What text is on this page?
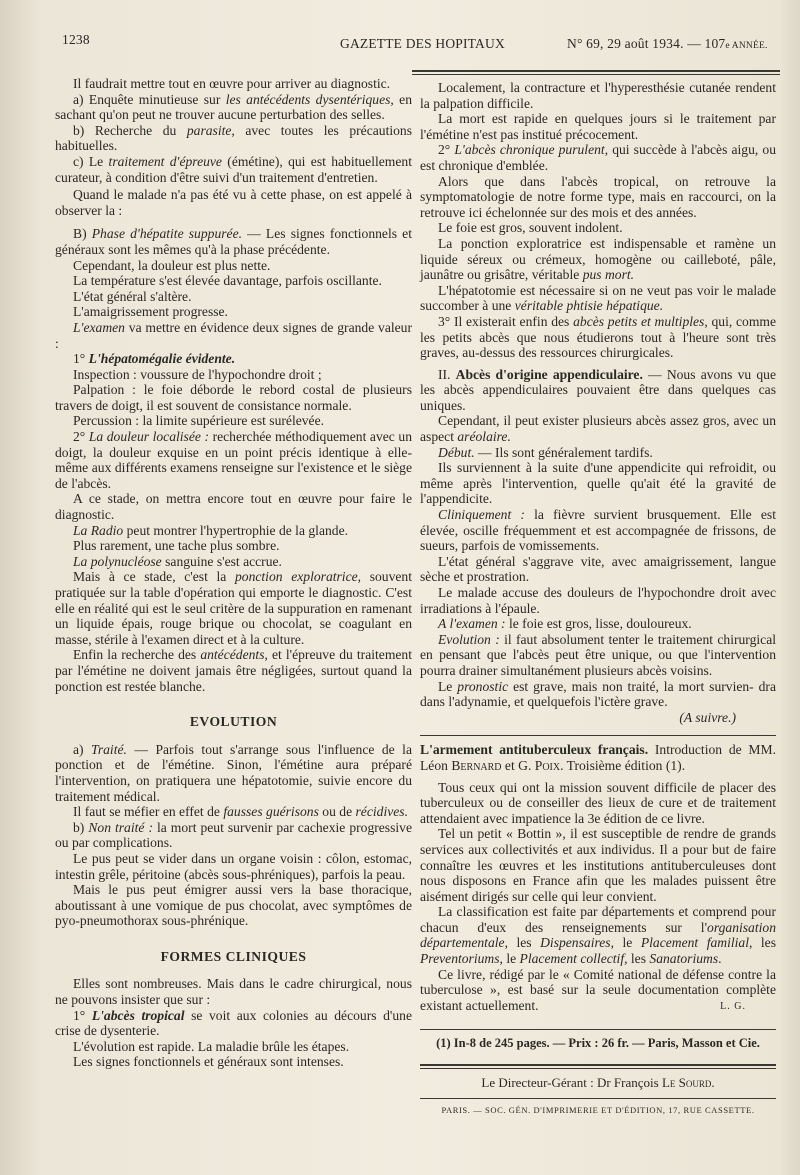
1238	GAZETTE DES HOPITAUX	N° 69, 29 août 1934. — 107e ANNÉE.

Il faudrait mettre tout en œuvre pour arriver au diagnostic.

a) Enquête minutieuse sur les antécédents dysentériques, en sachant qu'on peut ne trouver aucune perturbation des selles.

b) Recherche du parasite, avec toutes les précautions habituelles.

c) Le traitement d'épreuve (émétine), qui est habituellement curateur, à condition d'être suivi d'un traitement d'entretien.

Quand le malade n'a pas été vu à cette phase, on est appelé à observer la :

B) Phase d'hépatite suppurée. — Les signes fonctionnels et généraux sont les mêmes qu'à la phase précédente.

Cependant, la douleur est plus nette.

La température s'est élevée davantage, parfois oscillante.

L'état général s'altère.

L'amaigrissement progresse.

L'examen va mettre en évidence deux signes de grande valeur :

1° L'hépatomégalie évidente.

Inspection : voussure de l'hypochondre droit ;

Palpation : le foie déborde le rebord costal de plusieurs travers de doigt, il est souvent de consistance normale.

Percussion : la limite supérieure est surélevée.

2° La douleur localisée : recherchée méthodiquement avec un doigt, la douleur exquise en un point précis identique à elle-même aux différents examens renseigne sur l'existence et le siège de l'abcès.

A ce stade, on mettra encore tout en œuvre pour faire le diagnostic.

La Radio peut montrer l'hypertrophie de la glande.

Plus rarement, une tache plus sombre.

La polynucléose sanguine s'est accrue.

Mais à ce stade, c'est la ponction exploratrice, souvent pratiquée sur la table d'opération qui emporte le diagnostic. C'est elle en réalité qui est le seul critère de la suppuration en ramenant un liquide épais, rouge brique ou chocolat, se coagulant en masse, stérile à l'examen direct et à la culture.

Enfin la recherche des antécédents, et l'épreuve du traitement par l'émétine ne doivent jamais être négligées, surtout quand la ponction est restée blanche.

EVOLUTION

a) Traité. — Parfois tout s'arrange sous l'influence de la ponction et de l'émétine. Sinon, l'émétine aura préparé l'intervention, on pratiquera une hépatotomie, suivie encore du traitement médical.

Il faut se méfier en effet de fausses guérisons ou de récidives.

b) Non traité : la mort peut survenir par cachexie progressive ou par complications.

Le pus peut se vider dans un organe voisin : côlon, estomac, intestin grêle, péritoine (abcès sous-phréniques), parfois la peau.

Mais le pus peut émigrer aussi vers la base thoracique, aboutissant à une vomique de pus chocolat, avec symptômes de pyo-pneumothorax sous-phrénique.

FORMES CLINIQUES

Elles sont nombreuses. Mais dans le cadre chirurgical, nous ne pouvons insister que sur :

1° L'abcès tropical se voit aux colonies au décours d'une crise de dysenterie.

L'évolution est rapide. La maladie brûle les étapes.

Les signes fonctionnels et généraux sont intenses.

Localement, la contracture et l'hyperesthésie cutanée rendent la palpation difficile.

La mort est rapide en quelques jours si le traitement par l'émétine n'est pas institué précocement.

2° L'abcès chronique purulent, qui succède à l'abcès aigu, ou est chronique d'emblée.

Alors que dans l'abcès tropical, on retrouve la symptomatologie de notre forme type, mais en raccourci, on la retrouve ici échelonnée sur des mois et des années.

Le foie est gros, souvent indolent.

La ponction exploratrice est indispensable et ramène un liquide séreux ou crémeux, homogène ou cailleboté, pâle, jaunâtre ou grisâtre, véritable pus mort.

L'hépatotomie est nécessaire si on ne veut pas voir le malade succomber à une véritable phtisie hépatique.

3° Il existerait enfin des abcès petits et multiples, qui, comme les petits abcès que nous étudierons tout à l'heure sont très graves, au-dessus des ressources chirurgicales.

II. Abcès d'origine appendiculaire. — Nous avons vu que les abcès appendiculaires pouvaient être dans quelques cas uniques.

Cependant, il peut exister plusieurs abcès assez gros, avec un aspect aréolaire.

Début. — Ils sont généralement tardifs.

Ils surviennent à la suite d'une appendicite qui refroidit, ou même après l'intervention, quelle qu'ait été la gravité de l'appendicite.

Cliniquement : la fièvre survient brusquement. Elle est élevée, oscille fréquemment et est accompagnée de frissons, de sueurs, parfois de vomissements.

L'état général s'aggrave vite, avec amaigrissement, langue sèche et prostration.

Le malade accuse des douleurs de l'hypochondre droit avec irradiations à l'épaule.

A l'examen : le foie est gros, lisse, douloureux.

Evolution : il faut absolument tenter le traitement chirurgical en pensant que l'abcès peut être unique, ou que l'intervention pourra drainer simultanément plusieurs abcès voisins.

Le pronostic est grave, mais non traité, la mort survien- dra dans l'adynamie, et quelquefois l'ictère grave.

(A suivre.)

L'armement antituberculeux français. Introduction de MM. Léon Bernard et G. Poix. Troisième édition (1).

Tous ceux qui ont la mission souvent difficile de placer des tuberculeux ou de conseiller des lieux de cure et de traitement attendaient avec impatience la 3e édition de ce livre.

Tel un petit « Bottin », il est susceptible de rendre de grands services aux collectivités et aux individus. Il a pour but de faire connaître les œuvres et les institutions antituberculeuses dont nous disposons en France afin que les malades puissent être aisément dirigés sur celle qui leur convient.

La classification est faite par départements et comprend pour chacun d'eux des renseignements sur l'organisation départementale, les Dispensaires, le Placement familial, les Preventoriums, le Placement collectif, les Sanatoriums.

Ce livre, rédigé par le « Comité national de défense contre la tuberculose », est basé sur la seule documentation complète existant actuellement.	L. G.

(1) In-8 de 245 pages. — Prix : 26 fr. — Paris, Masson et Cie.

Le Directeur-Gérant : Dr François Le Sourd.

PARIS. — SOC. GÉN. D'IMPRIMERIE ET D'ÉDITION, 17, RUE CASSETTE.
